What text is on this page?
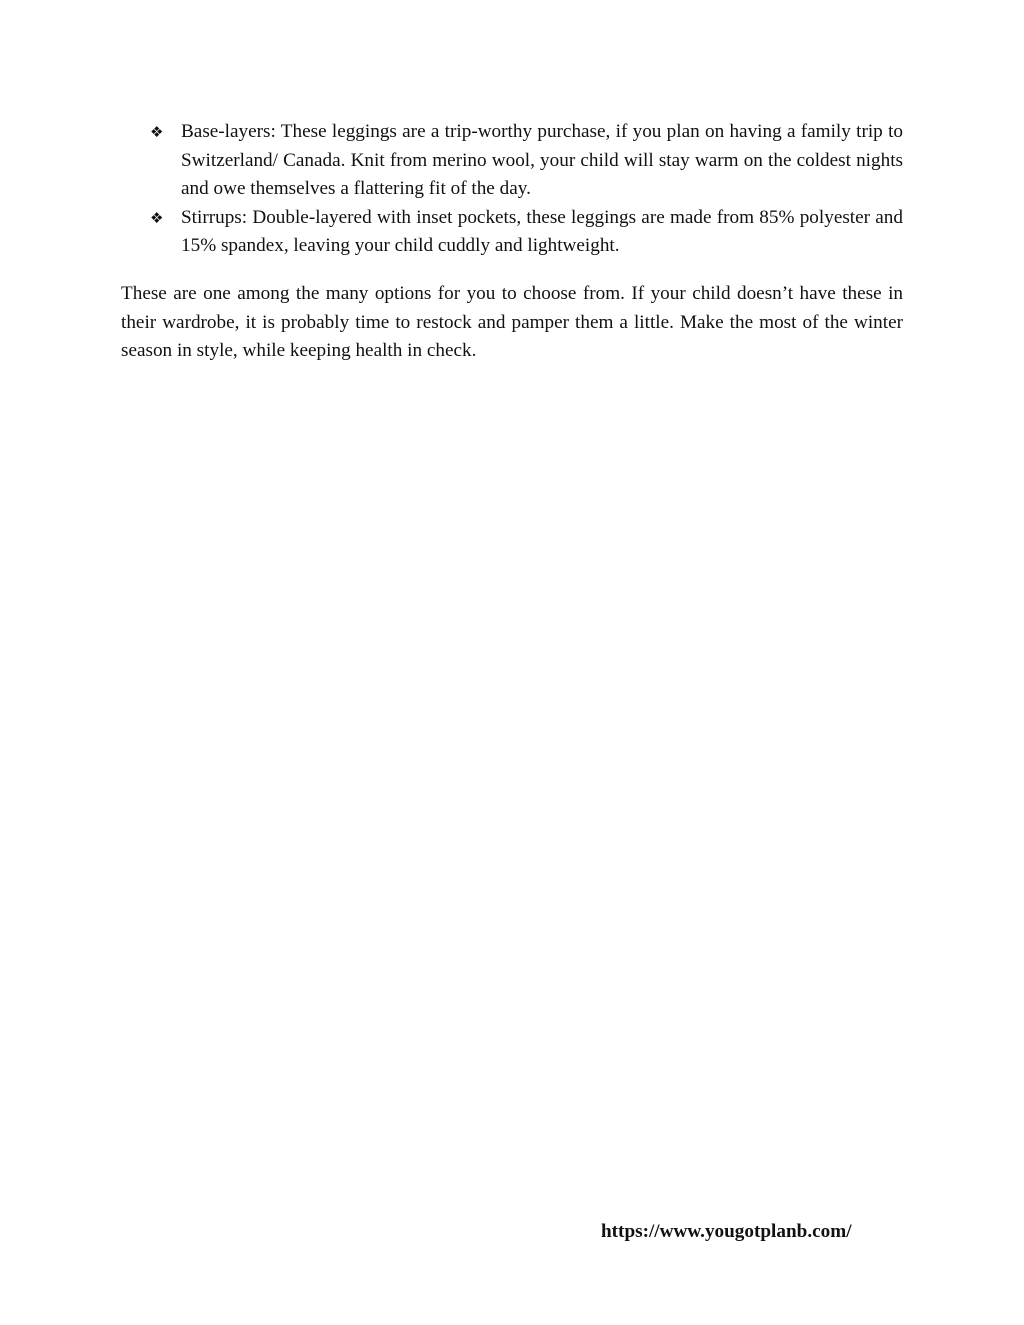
❖ Base-layers: These leggings are a trip-worthy purchase, if you plan on having a family trip to Switzerland/ Canada. Knit from merino wool, your child will stay warm on the coldest nights and owe themselves a flattering fit of the day.
❖ Stirrups: Double-layered with inset pockets, these leggings are made from 85% polyester and 15% spandex, leaving your child cuddly and lightweight.

These are one among the many options for you to choose from. If your child doesn’t have these in their wardrobe, it is probably time to restock and pamper them a little. Make the most of the winter season in style, while keeping health in check.

https://www.yougotplanb.com/
